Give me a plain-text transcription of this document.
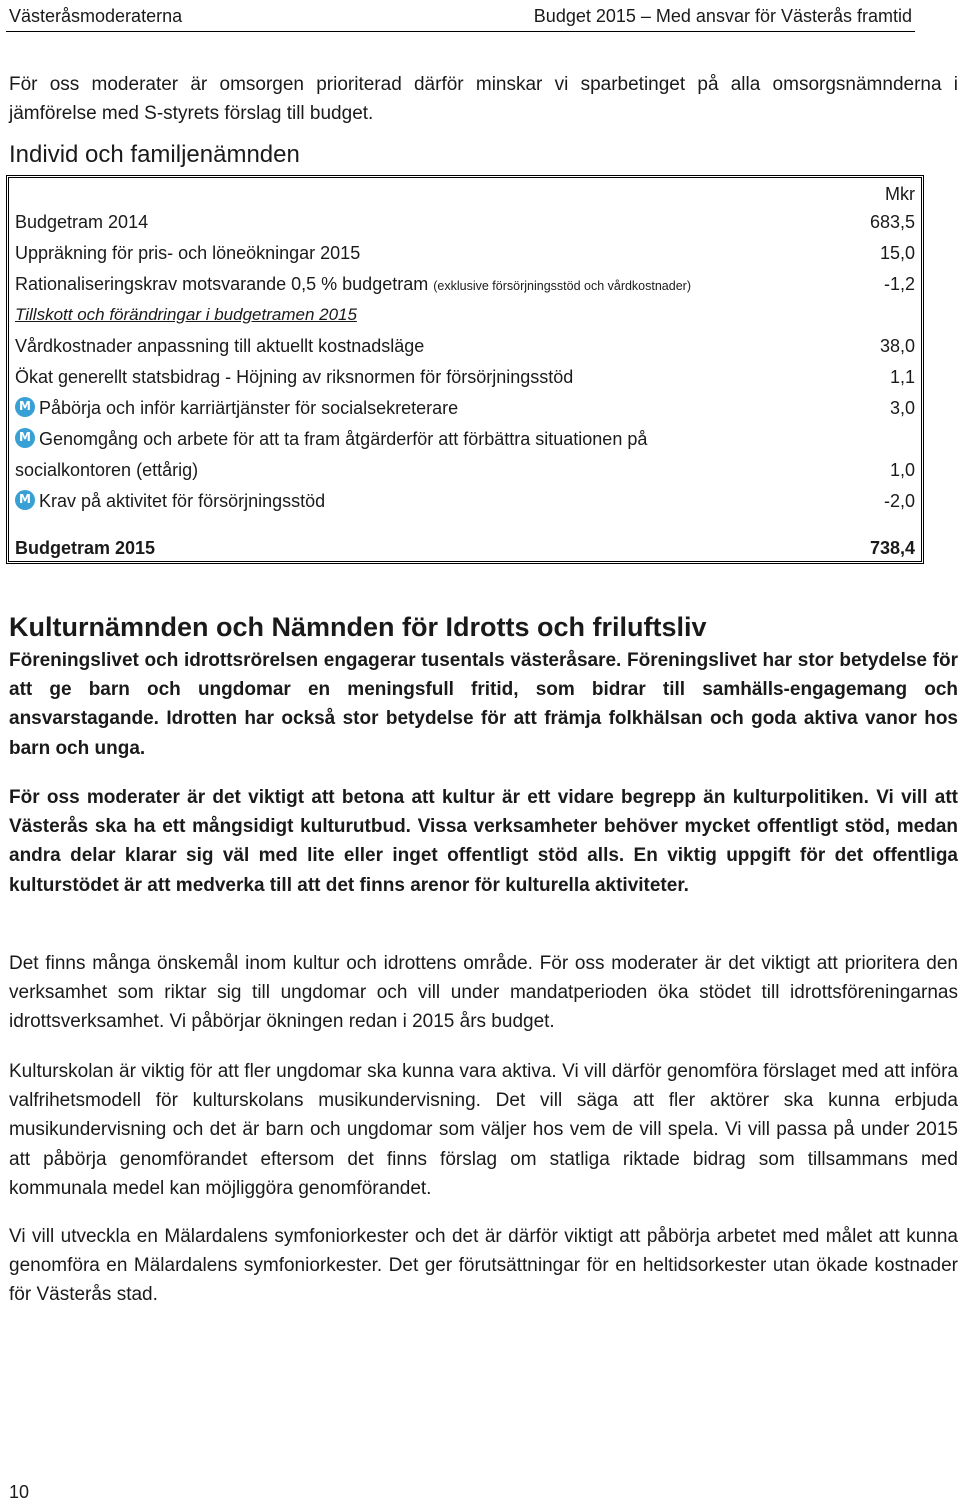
Västeråsmoderaterna	Budget 2015 – Med ansvar för Västerås framtid
För oss moderater är omsorgen prioriterad därför minskar vi sparbetinget på alla omsorgsnämnderna i jämförelse med S-styrets förslag till budget.
Individ och familjenämnden
Mkr
Budgetram 2014	683,5
Uppräkning för pris- och löneökningar 2015	15,0
Rationaliseringskrav motsvarande 0,5 % budgetram (exklusive försörjningsstöd och vårdkostnader)	-1,2
Tillskott och förändringar i budgetramen 2015
Vårdkostnader anpassning till aktuellt kostnadsläge	38,0
Ökat generellt statsbidrag - Höjning av riksnormen för försörjningsstöd	1,1
MPåbörja och inför karriärtjänster för socialsekreterare	3,0
MGenomgång och arbete för att ta fram åtgärderför att förbättra situationen på
socialkontoren (ettårig)	1,0
MKrav på aktivitet för försörjningsstöd	-2,0
Budgetram 2015	738,4
Kulturnämnden och Nämnden för Idrotts och friluftsliv
Föreningslivet och idrottsrörelsen engagerar tusentals västeråsare. Föreningslivet har stor betydelse för att ge barn och ungdomar en meningsfull fritid, som bidrar till samhälls-engagemang och ansvarstagande. Idrotten har också stor betydelse för att främja folkhälsan och goda aktiva vanor hos barn och unga.
För oss moderater är det viktigt att betona att kultur är ett vidare begrepp än kulturpolitiken. Vi vill att Västerås ska ha ett mångsidigt kulturutbud. Vissa verksamheter behöver mycket offentligt stöd, medan andra delar klarar sig väl med lite eller inget offentligt stöd alls. En viktig uppgift för det offentliga kulturstödet är att medverka till att det finns arenor för kulturella aktiviteter.
Det finns många önskemål inom kultur och idrottens område. För oss moderater är det viktigt att prioritera den verksamhet som riktar sig till ungdomar och vill under mandatperioden öka stödet till idrottsföreningarnas idrottsverksamhet. Vi påbörjar ökningen redan i 2015 års budget.
Kulturskolan är viktig för att fler ungdomar ska kunna vara aktiva. Vi vill därför genomföra förslaget med att införa valfrihetsmodell för kulturskolans musikundervisning. Det vill säga att fler aktörer ska kunna erbjuda musikundervisning och det är barn och ungdomar som väljer hos vem de vill spela. Vi vill passa på under 2015 att påbörja genomförandet eftersom det finns förslag om statliga riktade bidrag som tillsammans med kommunala medel kan möjliggöra genomförandet.
Vi vill utveckla en Mälardalens symfoniorkester och det är därför viktigt att påbörja arbetet med målet att kunna genomföra en Mälardalens symfoniorkester. Det ger förutsättningar för en heltidsorkester utan ökade kostnader för Västerås stad.
10
